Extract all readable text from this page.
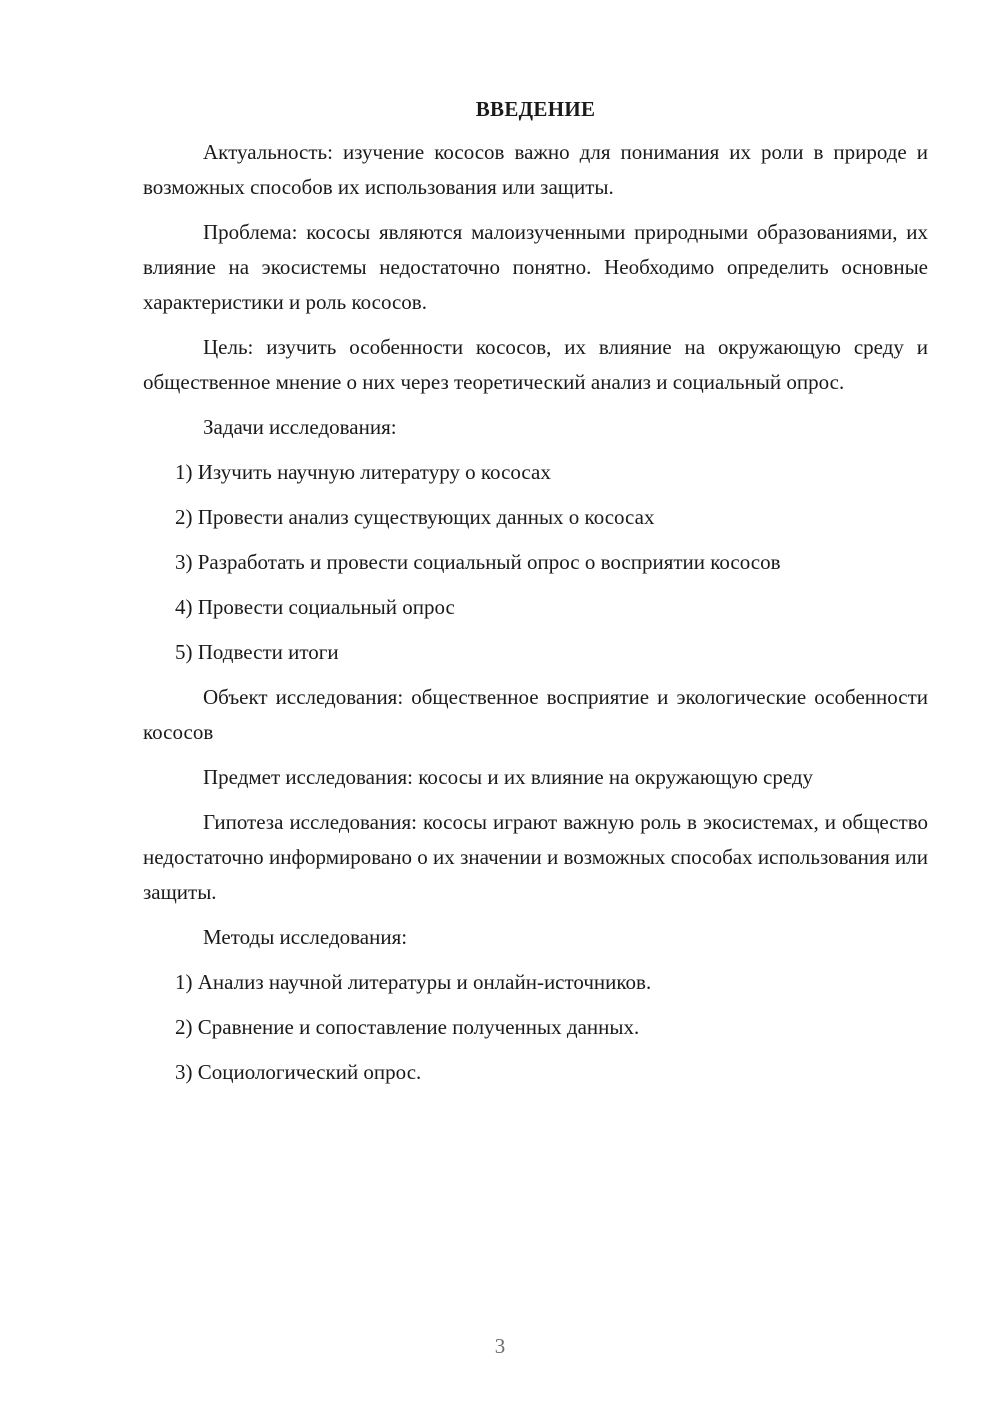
ВВЕДЕНИЕ

Актуальность: изучение кососов важно для понимания их роли в природе и возможных способов их использования или защиты.

Проблема: кососы являются малоизученными природными образованиями, их влияние на экосистемы недостаточно понятно. Необходимо определить основные характеристики и роль кососов.

Цель: изучить особенности кососов, их влияние на окружающую среду и общественное мнение о них через теоретический анализ и социальный опрос.

Задачи исследования:

1) Изучить научную литературу о кососах
2) Провести анализ существующих данных о кососах
3) Разработать и провести социальный опрос о восприятии кососов
4) Провести социальный опрос
5) Подвести итоги

Объект исследования: общественное восприятие и экологические особенности кососов

Предмет исследования: кососы и их влияние на окружающую среду

Гипотеза исследования: кососы играют важную роль в экосистемах, и общество недостаточно информировано о их значении и возможных способах использования или защиты.

Методы исследования:

1) Анализ научной литературы и онлайн-источников.
2) Сравнение и сопоставление полученных данных.
3) Социологический опрос.
3
